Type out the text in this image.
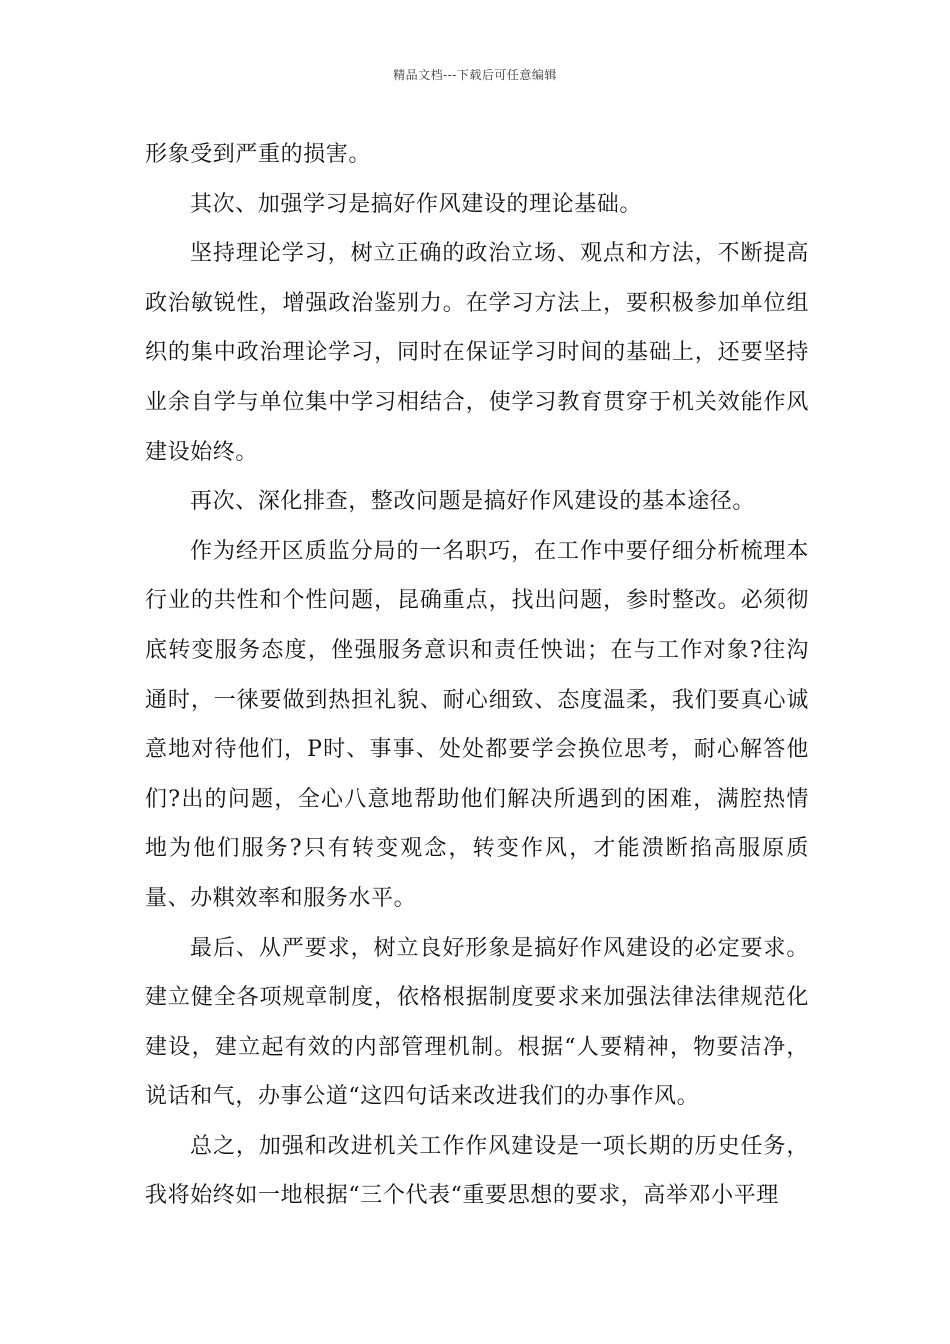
精品文档---下载后可任意编辑

形象受到严重的损害。

其次、加强学习是搞好作风建设的理论基础。

坚持理论学习，树立正确的政治立场、观点和方法，不断提高政治敏锐性，增强政治鉴别力。在学习方法上，要积极参加单位组织的集中政治理论学习，同时在保证学习时间的基础上，还要坚持业余自学与单位集中学习相结合，使学习教育贯穿于机关效能作风建设始终。

再次、深化排查，整改问题是搞好作风建设的基本途径。

作为经开区质监分局的一名职巧，在工作中要仔细分析梳理本行业的共性和个性问题，昆确重点，找出问题，参时整改。必须彻底转变服务态度，侳强服务意识和责任怏诎；在与工作对象?往沟通时，一徕要做到热担礼貌、耐心细致、态度温柔，我们要真心诚意地对待他们，P时、事事、处处都要学会换位思考，耐心解答他们?出的问题，全心八意地帮助他们解决所遇到的困难，满腔热情地为他们服务?只有转变观念，转变作风，才能溃断掐高服原质量、办粸效率和服务水平。

最后、从严要求，树立良好形象是搞好作风建设的必定要求。建立健全各项规章制度，依格根据制度要求来加强法律法律规范化建设，建立起有效的内部管理机制。根据“人要精神，物要洁净，说话和气，办事公道“这四句话来改进我们的办事作风。

总之，加强和改进机关工作作风建设是一项长期的历史任务，我将始终如一地根据“三个代表“重要思想的要求，高举邓小平理
